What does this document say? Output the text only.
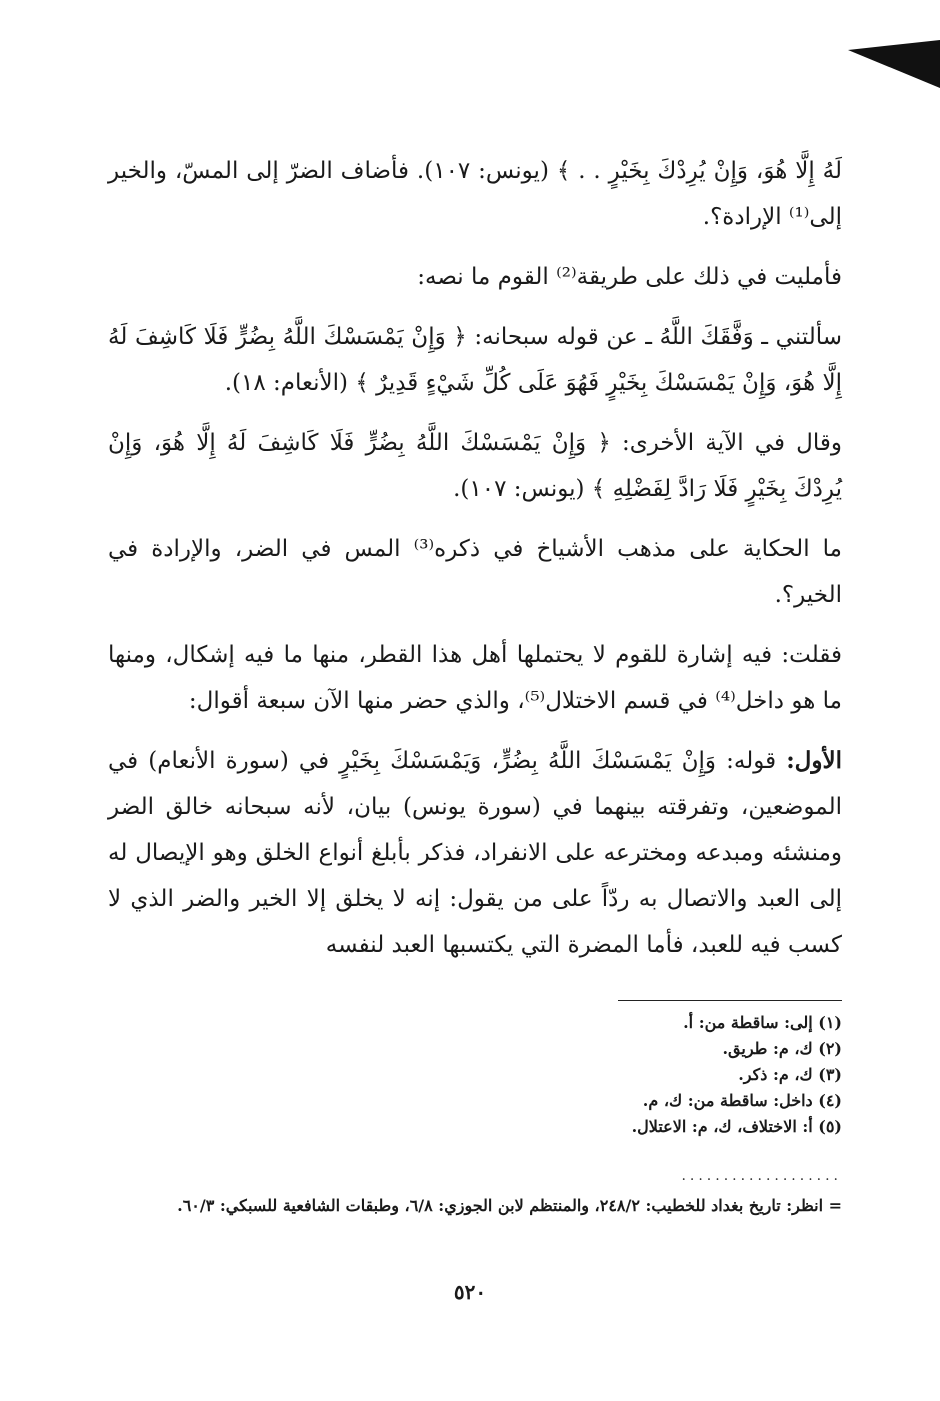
لَهُ إِلَّا هُوَ، وَإِنْ يُرِدْكَ بِخَيْرٍ . . ﴾ (يونس: ١٠٧). فأضاف الضرّ إلى المسّ، والخير إلى⁽¹⁾ الإرادة؟.

فأمليت في ذلك على طريقة⁽²⁾ القوم ما نصه:

سألتني ـ وَفَّقَكَ اللَّهُ ـ عن قوله سبحانه: ﴿ وَإِنْ يَمْسَسْكَ اللَّهُ بِضُرٍّ فَلَا كَاشِفَ لَهُ إِلَّا هُوَ، وَإِنْ يَمْسَسْكَ بِخَيْرٍ فَهُوَ عَلَى كُلِّ شَيْءٍ قَدِيرٌ ﴾ (الأنعام: ١٨).

وقال في الآية الأخرى: ﴿ وَإِنْ يَمْسَسْكَ اللَّهُ بِضُرٍّ فَلَا كَاشِفَ لَهُ إِلَّا هُوَ، وَإِنْ يُرِدْكَ بِخَيْرٍ فَلَا رَادَّ لِفَضْلِهِ ﴾ (يونس: ١٠٧).

ما الحكاية على مذهب الأشياخ في ذكره⁽³⁾ المس في الضر، والإرادة في الخير؟.

فقلت: فيه إشارة للقوم لا يحتملها أهل هذا القطر، منها ما فيه إشكال، ومنها ما هو داخل⁽⁴⁾ في قسم الاختلال⁽⁵⁾، والذي حضر منها الآن سبعة أقوال:

الأول: قوله: وَإِنْ يَمْسَسْكَ اللَّهُ بِضُرٍّ، وَيَمْسَسْكَ بِخَيْرٍ في (سورة الأنعام) في الموضعين، وتفرقته بينهما في (سورة يونس) بيان، لأنه سبحانه خالق الضر ومنشئه ومبدعه ومخترعه على الانفراد، فذكر بأبلغ أنواع الخلق وهو الإيصال له إلى العبد والاتصال به ردّاً على من يقول: إنه لا يخلق إلا الخير والضر الذي لا كسب فيه للعبد، فأما المضرة التي يكتسبها العبد لنفسه

(١) إلى: ساقطة من: أ.

(٢) ك، م: طريق.

(٣) ك، م: ذكر.

(٤) داخل: ساقطة من: ك، م.

(٥) أ: الاختلاف، ك، م: الاعتلال.

...................
= انظر: تاريخ بغداد للخطيب: ٢٤٨/٢، والمنتظم لابن الجوزي: ٦/٨، وطبقات الشافعية للسبكي: ٦٠/٣.
٥٢٠
